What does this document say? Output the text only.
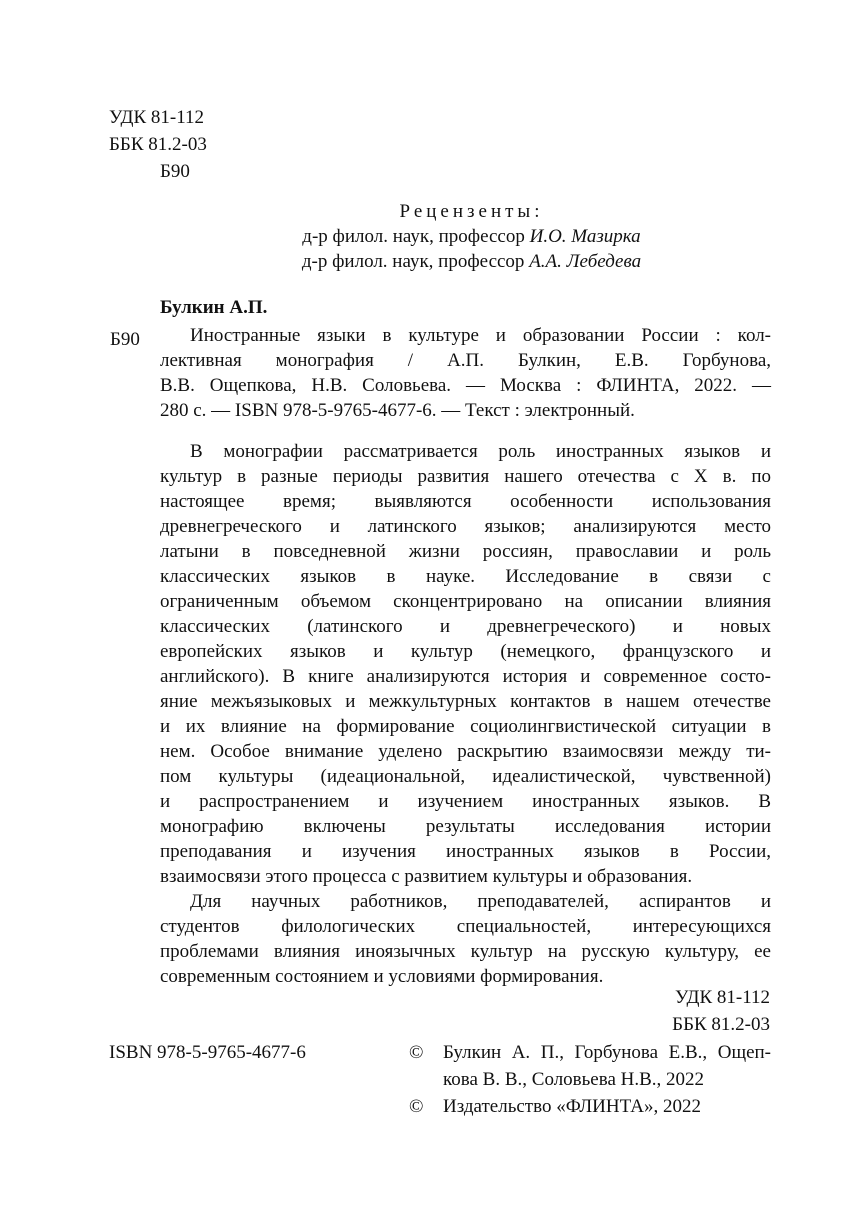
УДК 81-112
ББК 81.2-03
Б90
Рецензенты:
д-р филол. наук, профессор И.О. Мазирка
д-р филол. наук, профессор А.А. Лебедева
Булкин А.П.
Б90	Иностранные языки в культуре и образовании России : кол-
лективная монография / А.П. Булкин, Е.В. Горбунова,
В.В. Ощепкова, Н.В. Соловьева. — Москва : ФЛИНТА, 2022. —
280 с. — ISBN 978-5-9765-4677-6. — Текст : электронный.
В монографии рассматривается роль иностранных языков и
культур в разные периоды развития нашего отечества с X в. по
настоящее время; выявляются особенности использования
древнегреческого и латинского языков; анализируются место
латыни в повседневной жизни россиян, православии и роль
классических языков в науке. Исследование в связи с
ограниченным объемом сконцентрировано на описании влияния
классических (латинского и древнегреческого) и новых
европейских языков и культур (немецкого, французского и
английского). В книге анализируются история и современное состо-
яние межъязыковых и межкультурных контактов в нашем отечестве
и их влияние на формирование социолингвистической ситуации в
нем. Особое внимание уделено раскрытию взаимосвязи между ти-
пом культуры (идеациональной, идеалистической, чувственной)
и распространением и изучением иностранных языков. В
монографию включены результаты исследования истории
преподавания и изучения иностранных языков в России,
взаимосвязи этого процесса с развитием культуры и образования.
Для научных работников, преподавателей, аспирантов и
студентов филологических специальностей, интересующихся
проблемами влияния иноязычных культур на русскую культуру, ее
современным состоянием и условиями формирования.
УДК 81-112
ББК 81.2-03
ISBN 978-5-9765-4677-6	©	Булкин А. П., Горбунова Е.В., Ощеп-
кова В. В., Соловьева Н.В., 2022
©	Издательство «ФЛИНТА», 2022
